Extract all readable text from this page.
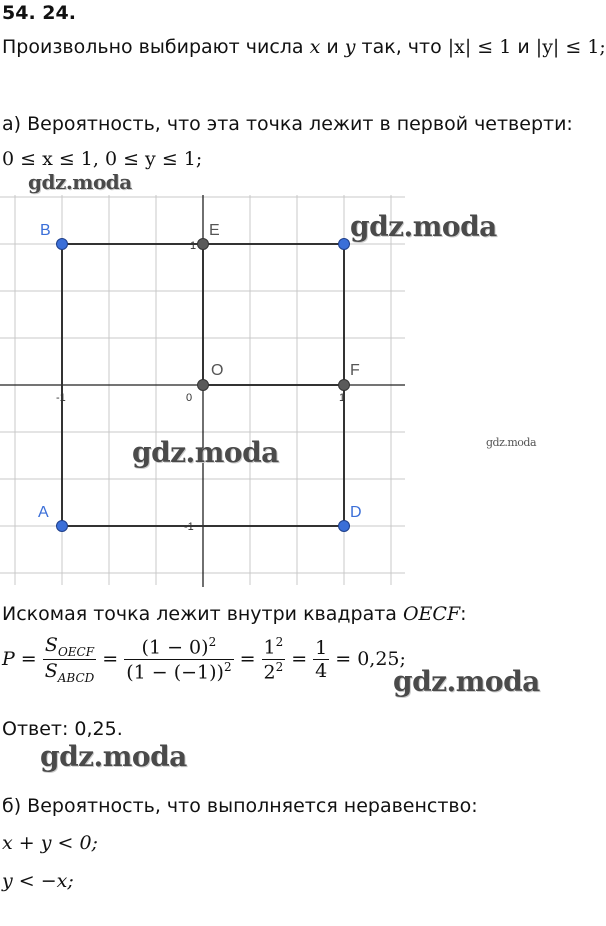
54. 24.
Произвольно выбирают числа x и y так, что |x| ≤ 1 и |y| ≤ 1;
а) Вероятность, что эта точка лежит в первой четверти:
0 ≤ x ≤ 1, 0 ≤ y ≤ 1;
gdz.moda
-1	0	1
1
-1
B	E
O	F
A	D
gdz.moda
gdz.moda	gdz.moda
Искомая точка лежит внутри квадрата OECF:
$P = \frac{S_{OECF}}{S_{ABCD}} = \frac{(1 - 0)^2}{(1 - (-1))^2} = \frac{1^2}{2^2} = \frac{1}{4} = 0,25$;
gdz.moda
Ответ: 0,25.
gdz.moda
б) Вероятность, что выполняется неравенство:
x + y < 0;
y < −x;
